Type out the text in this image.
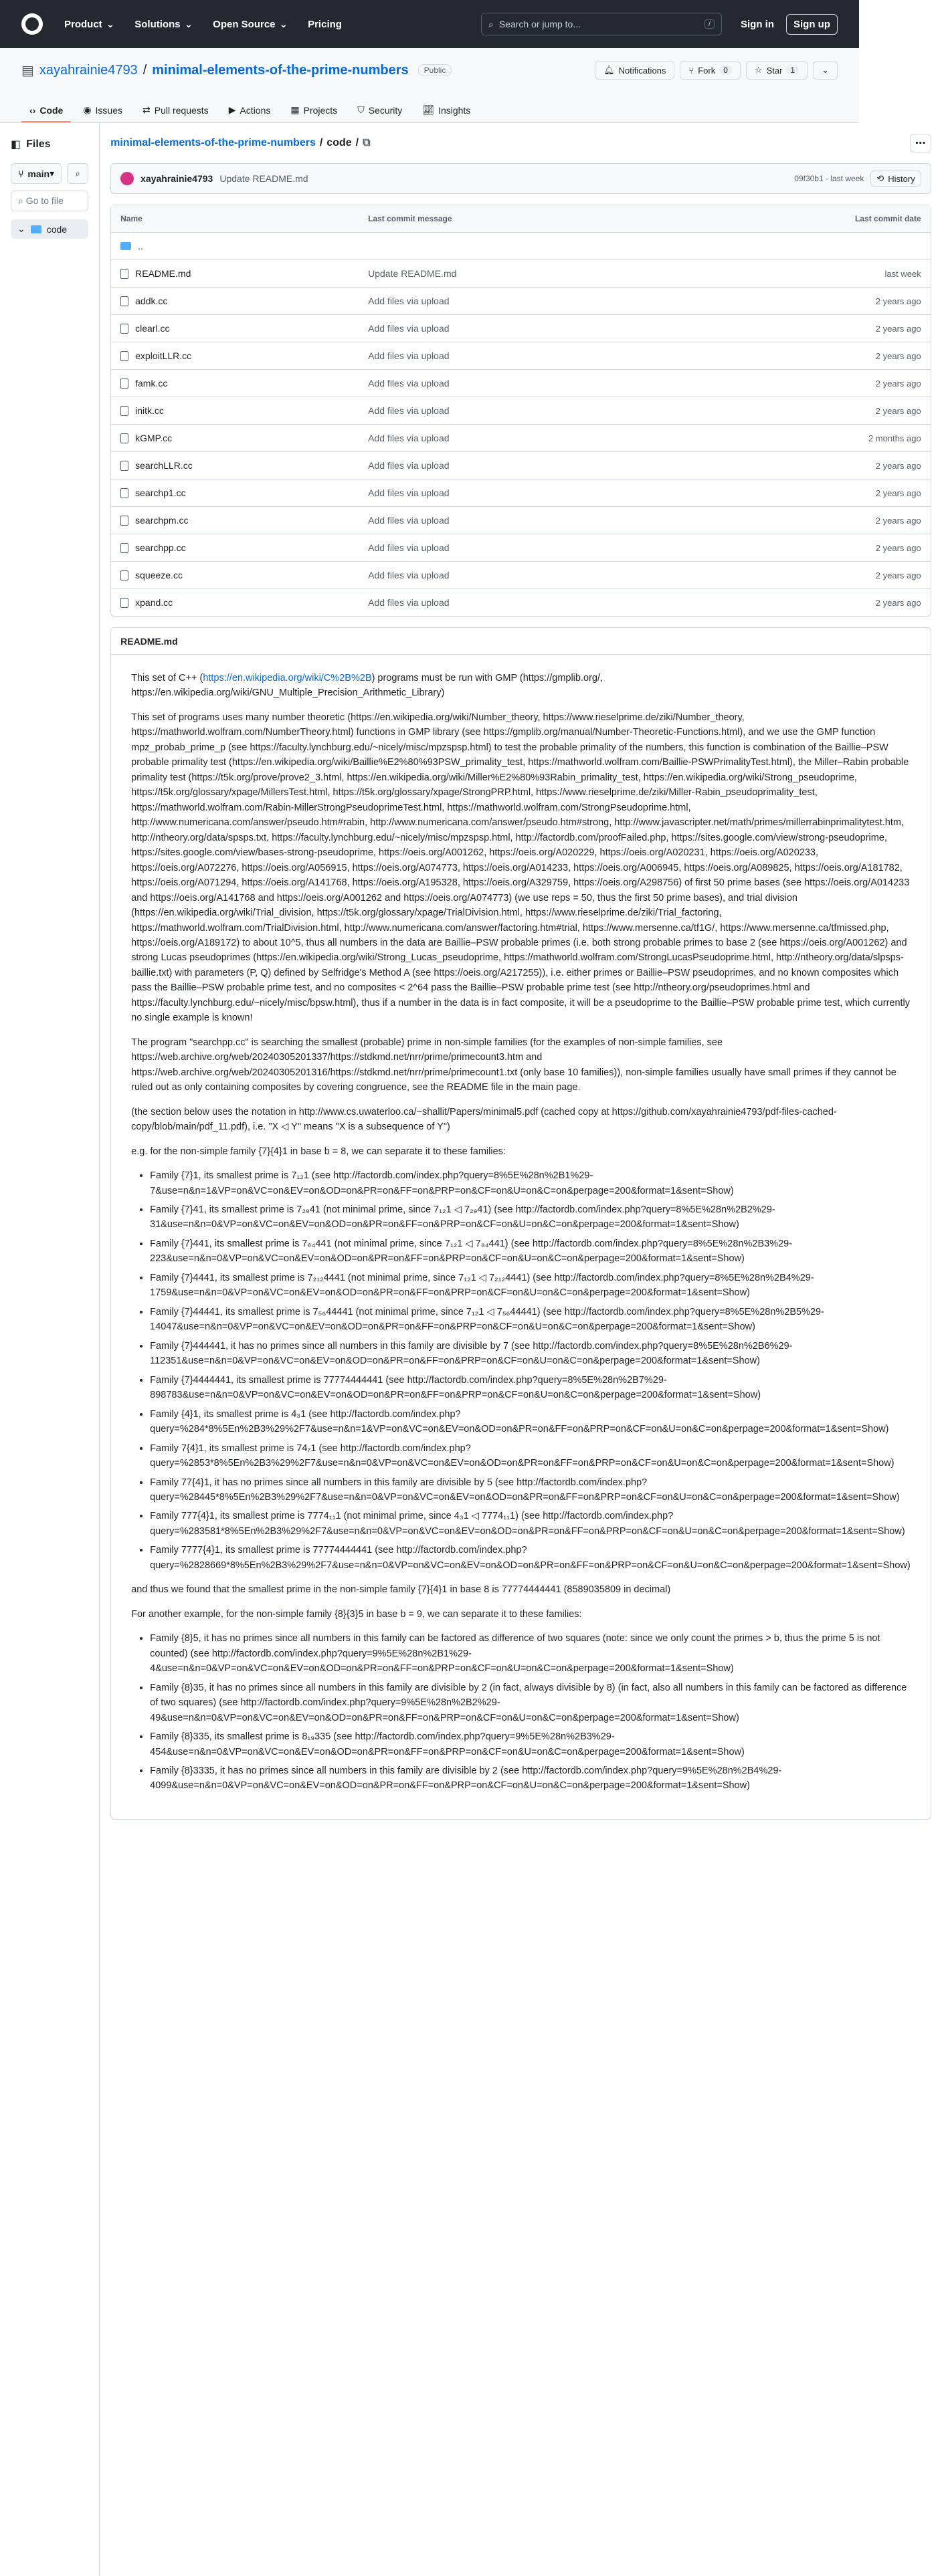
Product ⌄ Solutions ⌄ Open Source ⌄ Pricing	⌕ Search or jump to...	/	Sign in	Sign up
▤ xayahrainie4793 / minimal-elements-of-the-prime-numbers	Public	🔔︎ Notifications	⑂ Fork	0	☆ Star	1	⌄
‹› Code ◉ Issues ⇄ Pull requests ▶ Actions ▦ Projects ⛉ Security 📈︎ Insights
◧ Files
⑂ main ▾ ⌕
⌕ Go to file
⌄ code
minimal-elements-of-the-prime-numbers / code / ⧉	⋯
xayahrainie4793 Update README.md	09f30b1 · last week ⟲ History
Name	Last commit message	Last commit date
..
README.md	Update README.md	last week
addk.cc	Add files via upload	2 years ago
clearl.cc	Add files via upload	2 years ago
exploitLLR.cc	Add files via upload	2 years ago
famk.cc	Add files via upload	2 years ago
initk.cc	Add files via upload	2 years ago
kGMP.cc	Add files via upload	2 months ago
searchLLR.cc	Add files via upload	2 years ago
searchp1.cc	Add files via upload	2 years ago
searchpm.cc	Add files via upload	2 years ago
searchpp.cc	Add files via upload	2 years ago
squeeze.cc	Add files via upload	2 years ago
xpand.cc	Add files via upload	2 years ago
README.md

This set of C++ (https://en.wikipedia.org/wiki/C%2B%2B) programs must be run with GMP (https://gmplib.org/, https://en.wikipedia.org/wiki/GNU_Multiple_Precision_Arithmetic_Library)

This set of programs uses many number theoretic (https://en.wikipedia.org/wiki/Number_theory, https://www.rieselprime.de/ziki/Number_theory, https://mathworld.wolfram.com/NumberTheory.html) functions in GMP library (see https://gmplib.org/manual/Number-Theoretic-Functions.html), and we use the GMP function mpz_probab_prime_p (see https://faculty.lynchburg.edu/~nicely/misc/mpzspsp.html) to test the probable primality of the numbers, this function is combination of the Baillie–PSW probable primality test (https://en.wikipedia.org/wiki/Baillie%E2%80%93PSW_primality_test, https://mathworld.wolfram.com/Baillie-PSWPrimalityTest.html), the Miller–Rabin probable primality test (https://t5k.org/prove/prove2_3.html, https://en.wikipedia.org/wiki/Miller%E2%80%93Rabin_primality_test, https://en.wikipedia.org/wiki/Strong_pseudoprime, https://t5k.org/glossary/xpage/MillersTest.html, https://t5k.org/glossary/xpage/StrongPRP.html, https://www.rieselprime.de/ziki/Miller-Rabin_pseudoprimality_test, https://mathworld.wolfram.com/Rabin-MillerStrongPseudoprimeTest.html, https://mathworld.wolfram.com/StrongPseudoprime.html, http://www.numericana.com/answer/pseudo.htm#rabin, http://www.numericana.com/answer/pseudo.htm#strong, http://www.javascripter.net/math/primes/millerrabinprimalitytest.htm, http://ntheory.org/data/spsps.txt, https://faculty.lynchburg.edu/~nicely/misc/mpzspsp.html, http://factordb.com/proofFailed.php, https://sites.google.com/view/strong-pseudoprime, https://sites.google.com/view/bases-strong-pseudoprime, https://oeis.org/A001262, https://oeis.org/A020229, https://oeis.org/A020231, https://oeis.org/A020233, https://oeis.org/A072276, https://oeis.org/A056915, https://oeis.org/A074773, https://oeis.org/A014233, https://oeis.org/A006945, https://oeis.org/A089825, https://oeis.org/A181782, https://oeis.org/A071294, https://oeis.org/A141768, https://oeis.org/A195328, https://oeis.org/A329759, https://oeis.org/A298756) of first 50 prime bases (see https://oeis.org/A014233 and https://oeis.org/A141768 and https://oeis.org/A001262 and https://oeis.org/A074773) (we use reps = 50, thus the first 50 prime bases), and trial division (https://en.wikipedia.org/wiki/Trial_division, https://t5k.org/glossary/xpage/TrialDivision.html, https://www.rieselprime.de/ziki/Trial_factoring, https://mathworld.wolfram.com/TrialDivision.html, http://www.numericana.com/answer/factoring.htm#trial, https://www.mersenne.ca/tf1G/, https://www.mersenne.ca/tfmissed.php, https://oeis.org/A189172) to about 10^5, thus all numbers in the data are Baillie–PSW probable primes (i.e. both strong probable primes to base 2 (see https://oeis.org/A001262) and strong Lucas pseudoprimes (https://en.wikipedia.org/wiki/Strong_Lucas_pseudoprime, https://mathworld.wolfram.com/StrongLucasPseudoprime.html, http://ntheory.org/data/slpsps-baillie.txt) with parameters (P, Q) defined by Selfridge's Method A (see https://oeis.org/A217255)), i.e. either primes or Baillie–PSW pseudoprimes, and no known composites which pass the Baillie–PSW probable prime test, and no composites < 2^64 pass the Baillie–PSW probable prime test (see http://ntheory.org/pseudoprimes.html and https://faculty.lynchburg.edu/~nicely/misc/bpsw.html), thus if a number in the data is in fact composite, it will be a pseudoprime to the Baillie–PSW probable prime test, which currently no single example is known!

The program "searchpp.cc" is searching the smallest (probable) prime in non-simple families (for the examples of non-simple families, see https://web.archive.org/web/20240305201337/https://stdkmd.net/nrr/prime/primecount3.htm and https://web.archive.org/web/20240305201316/https://stdkmd.net/nrr/prime/primecount1.txt (only base 10 families)), non-simple families usually have small primes if they cannot be ruled out as only containing composites by covering congruence, see the README file in the main page.

(the section below uses the notation in http://www.cs.uwaterloo.ca/~shallit/Papers/minimal5.pdf (cached copy at https://github.com/xayahrainie4793/pdf-files-cached-copy/blob/main/pdf_11.pdf), i.e. "X ◁ Y" means "X is a subsequence of Y")

e.g. for the non-simple family {7}{4}1 in base b = 8, we can separate it to these families:

• Family {7}1, its smallest prime is 7₁₂1 (see http://factordb.com/index.php?query=8%5E%28n%2B1%29-7&use=n&n=1&VP=on&VC=on&EV=on&OD=on&PR=on&FF=on&PRP=on&CF=on&U=on&C=on&perpage=200&format=1&sent=Show)
• Family {7}41, its smallest prime is 7₂₉41 (not minimal prime, since 7₁₂1 ◁ 7₂₉41) (see http://factordb.com/index.php?query=8%5E%28n%2B2%29-31&use=n&n=0&VP=on&VC=on&EV=on&OD=on&PR=on&FF=on&PRP=on&CF=on&U=on&C=on&perpage=200&format=1&sent=Show)
• Family {7}441, its smallest prime is 7₈₄441 (not minimal prime, since 7₁₂1 ◁ 7₈₄441) (see http://factordb.com/index.php?query=8%5E%28n%2B3%29-223&use=n&n=0&VP=on&VC=on&EV=on&OD=on&PR=on&FF=on&PRP=on&CF=on&U=on&C=on&perpage=200&format=1&sent=Show)
• Family {7}4441, its smallest prime is 7₂₁₂4441 (not minimal prime, since 7₁₂1 ◁ 7₂₁₂4441) (see http://factordb.com/index.php?query=8%5E%28n%2B4%29-1759&use=n&n=0&VP=on&VC=on&EV=on&OD=on&PR=on&FF=on&PRP=on&CF=on&U=on&C=on&perpage=200&format=1&sent=Show)
• Family {7}44441, its smallest prime is 7₅₆44441 (not minimal prime, since 7₁₂1 ◁ 7₅₆44441) (see http://factordb.com/index.php?query=8%5E%28n%2B5%29-14047&use=n&n=0&VP=on&VC=on&EV=on&OD=on&PR=on&FF=on&PRP=on&CF=on&U=on&C=on&perpage=200&format=1&sent=Show)
• Family {7}444441, it has no primes since all numbers in this family are divisible by 7 (see http://factordb.com/index.php?query=8%5E%28n%2B6%29-112351&use=n&n=0&VP=on&VC=on&EV=on&OD=on&PR=on&FF=on&PRP=on&CF=on&U=on&C=on&perpage=200&format=1&sent=Show)
• Family {7}4444441, its smallest prime is 77774444441 (see http://factordb.com/index.php?query=8%5E%28n%2B7%29-898783&use=n&n=0&VP=on&VC=on&EV=on&OD=on&PR=on&FF=on&PRP=on&CF=on&U=on&C=on&perpage=200&format=1&sent=Show)
• Family {4}1, its smallest prime is 4₃1 (see http://factordb.com/index.php?query=%284*8%5En%2B3%29%2F7&use=n&n=1&VP=on&VC=on&EV=on&OD=on&PR=on&FF=on&PRP=on&CF=on&U=on&C=on&perpage=200&format=1&sent=Show)
• Family 7{4}1, its smallest prime is 74₇1 (see http://factordb.com/index.php?query=%2853*8%5En%2B3%29%2F7&use=n&n=0&VP=on&VC=on&EV=on&OD=on&PR=on&FF=on&PRP=on&CF=on&U=on&C=on&perpage=200&format=1&sent=Show)
• Family 77{4}1, it has no primes since all numbers in this family are divisible by 5 (see http://factordb.com/index.php?query=%28445*8%5En%2B3%29%2F7&use=n&n=0&VP=on&VC=on&EV=on&OD=on&PR=on&FF=on&PRP=on&CF=on&U=on&C=on&perpage=200&format=1&sent=Show)
• Family 777{4}1, its smallest prime is 7774₁₁1 (not minimal prime, since 4₃1 ◁ 7774₁₁1) (see http://factordb.com/index.php?query=%283581*8%5En%2B3%29%2F7&use=n&n=0&VP=on&VC=on&EV=on&OD=on&PR=on&FF=on&PRP=on&CF=on&U=on&C=on&perpage=200&format=1&sent=Show)
• Family 7777{4}1, its smallest prime is 77774444441 (see http://factordb.com/index.php?query=%2828669*8%5En%2B3%29%2F7&use=n&n=0&VP=on&VC=on&EV=on&OD=on&PR=on&FF=on&PRP=on&CF=on&U=on&C=on&perpage=200&format=1&sent=Show)

and thus we found that the smallest prime in the non-simple family {7}{4}1 in base 8 is 77774444441 (8589035809 in decimal)

For another example, for the non-simple family {8}{3}5 in base b = 9, we can separate it to these families:

• Family {8}5, it has no primes since all numbers in this family can be factored as difference of two squares (note: since we only count the primes > b, thus the prime 5 is not counted) (see http://factordb.com/index.php?query=9%5E%28n%2B1%29-4&use=n&n=0&VP=on&VC=on&EV=on&OD=on&PR=on&FF=on&PRP=on&CF=on&U=on&C=on&perpage=200&format=1&sent=Show)
• Family {8}35, it has no primes since all numbers in this family are divisible by 2 (in fact, always divisible by 8) (in fact, also all numbers in this family can be factored as difference of two squares) (see http://factordb.com/index.php?query=9%5E%28n%2B2%29-49&use=n&n=0&VP=on&VC=on&EV=on&OD=on&PR=on&FF=on&PRP=on&CF=on&U=on&C=on&perpage=200&format=1&sent=Show)
• Family {8}335, its smallest prime is 8₁₉335 (see http://factordb.com/index.php?query=9%5E%28n%2B3%29-454&use=n&n=0&VP=on&VC=on&EV=on&OD=on&PR=on&FF=on&PRP=on&CF=on&U=on&C=on&perpage=200&format=1&sent=Show)
• Family {8}3335, it has no primes since all numbers in this family are divisible by 2 (see http://factordb.com/index.php?query=9%5E%28n%2B4%29-4099&use=n&n=0&VP=on&VC=on&EV=on&OD=on&PR=on&FF=on&PRP=on&CF=on&U=on&C=on&perpage=200&format=1&sent=Show)
